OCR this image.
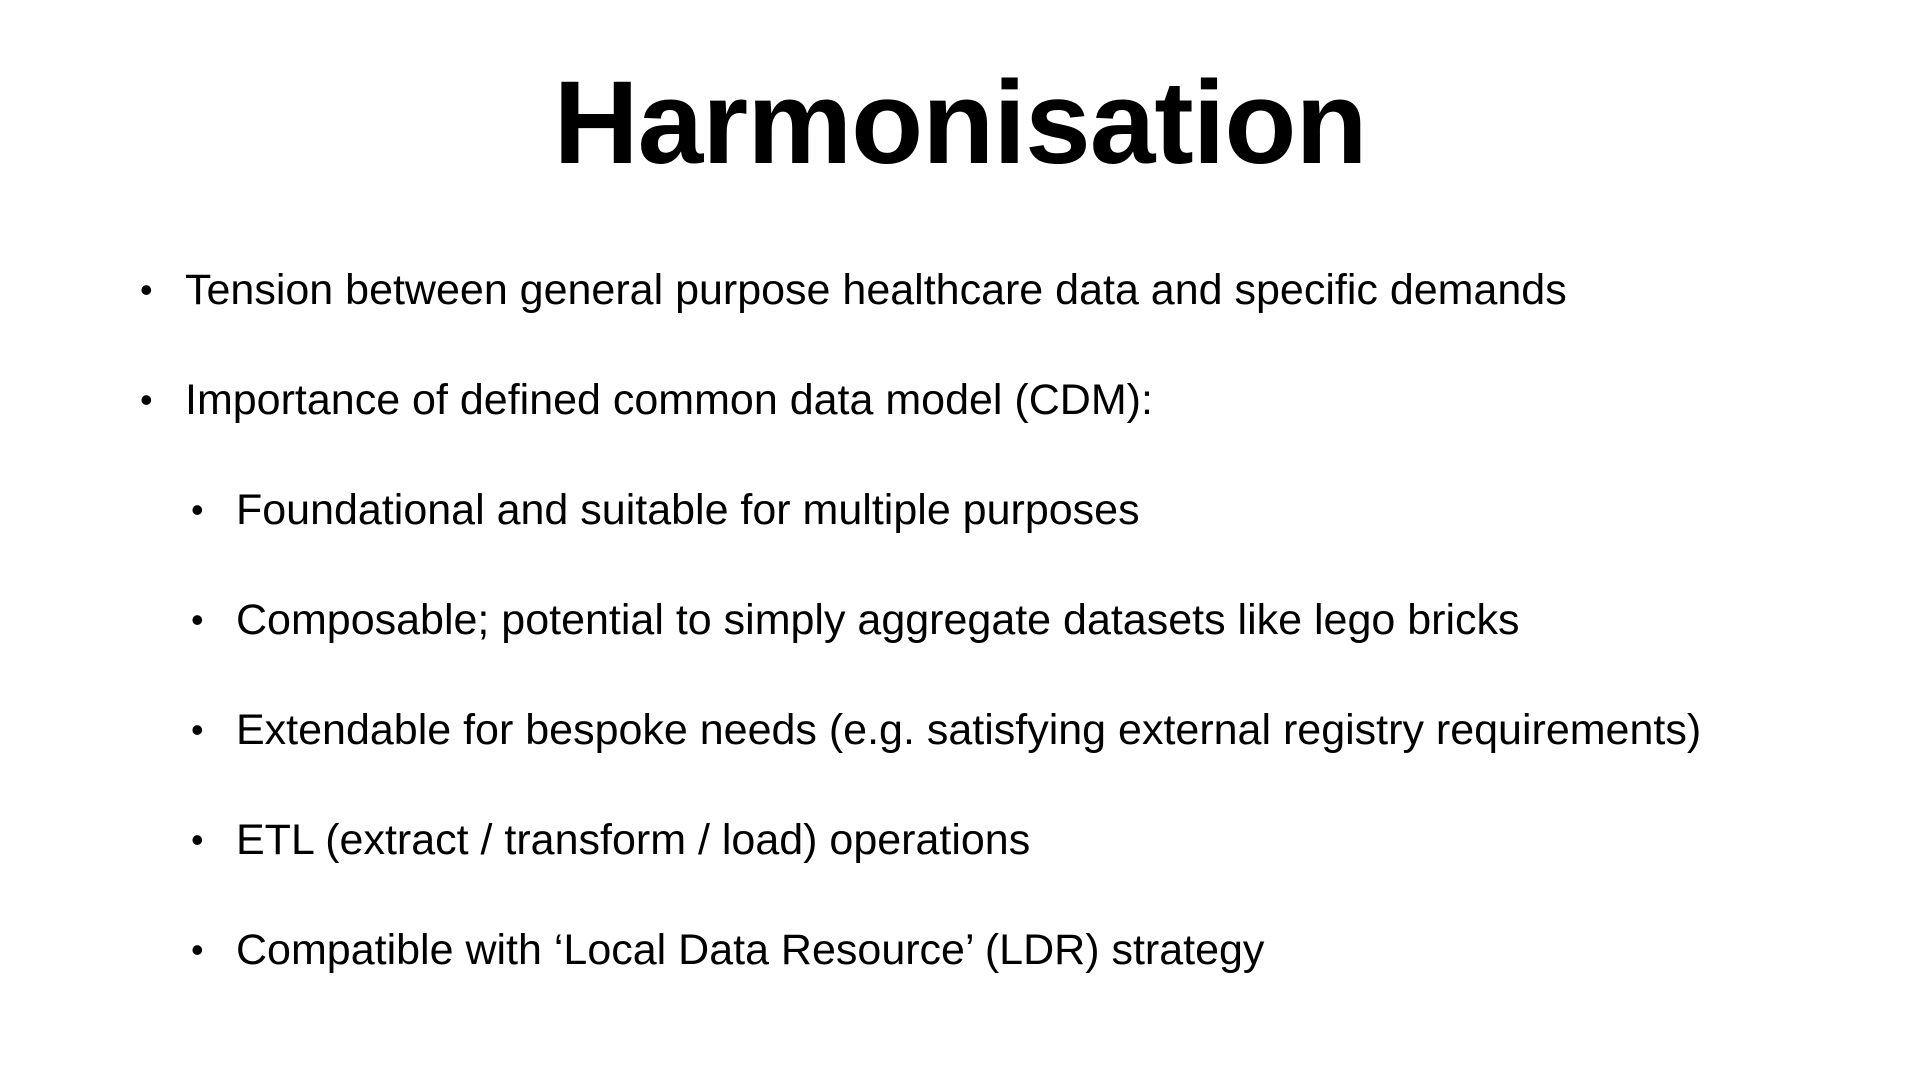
Harmonisation
• Tension between general purpose healthcare data and specific demands
• Importance of defined common data model (CDM):
• Foundational and suitable for multiple purposes
• Composable; potential to simply aggregate datasets like lego bricks
• Extendable for bespoke needs (e.g. satisfying external registry requirements)
• ETL (extract / transform / load) operations
• Compatible with ‘Local Data Resource’ (LDR) strategy
